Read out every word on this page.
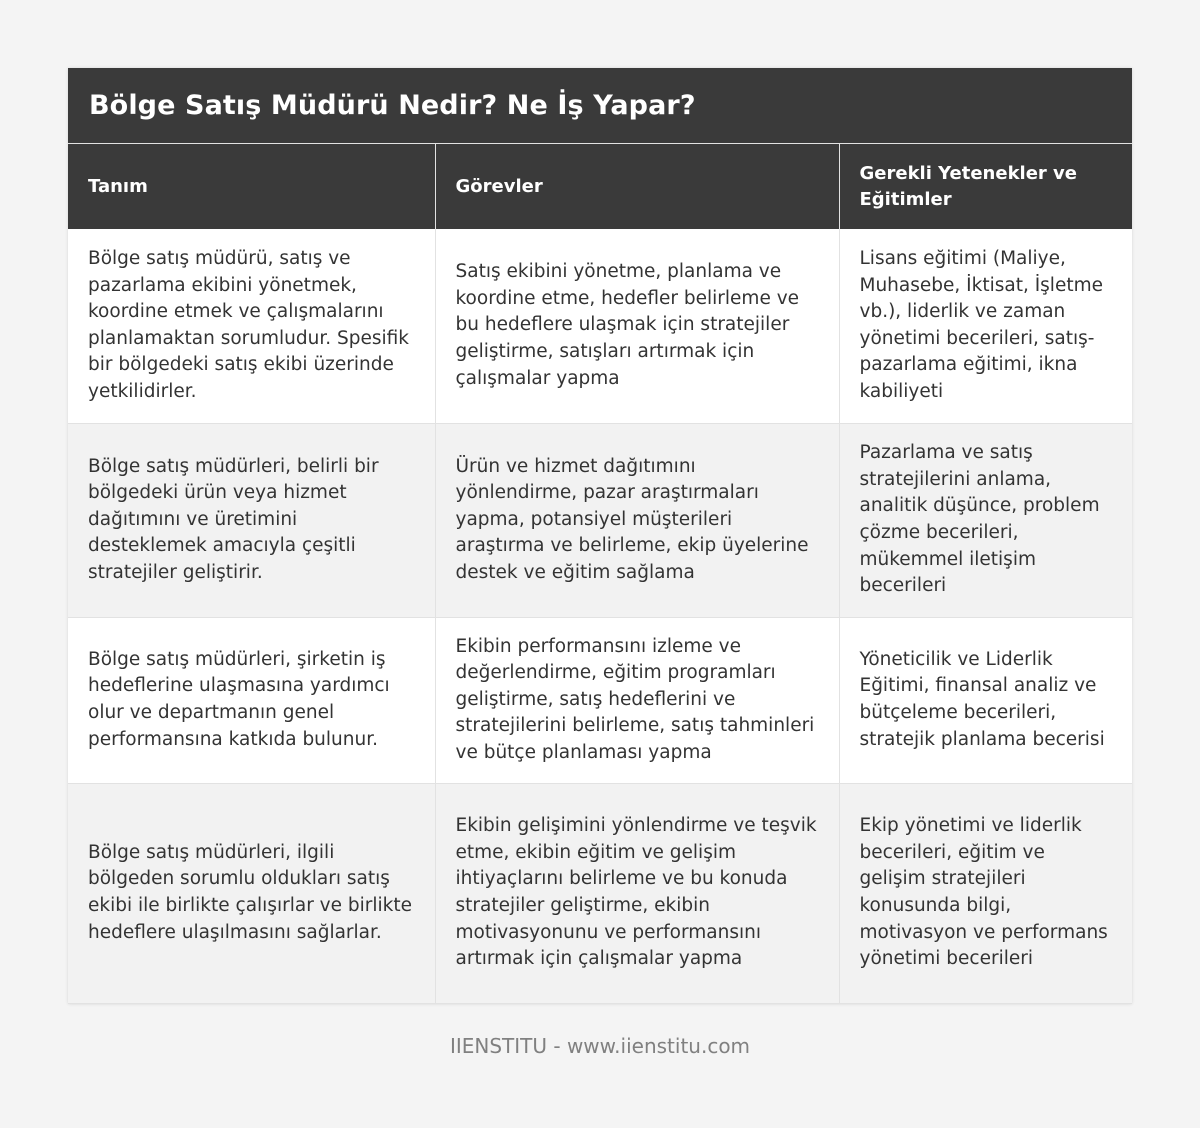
Bölge Satış Müdürü Nedir? Ne İş Yapar?
Tanım	Görevler	Gerekli Yetenekler ve Eğitimler
Bölge satış müdürü, satış ve pazarlama ekibini yönetmek, koordine etmek ve çalışmalarını planlamaktan sorumludur. Spesifik bir bölgedeki satış ekibi üzerinde yetkilidirler.	Satış ekibini yönetme, planlama ve koordine etme, hedefler belirleme ve bu hedeflere ulaşmak için stratejiler geliştirme, satışları artırmak için çalışmalar yapma	Lisans eğitimi (Maliye, Muhasebe, İktisat, İşletme vb.), liderlik ve zaman yönetimi becerileri, satış-pazarlama eğitimi, ikna kabiliyeti
Bölge satış müdürleri, belirli bir bölgedeki ürün veya hizmet dağıtımını ve üretimini desteklemek amacıyla çeşitli stratejiler geliştirir.	Ürün ve hizmet dağıtımını yönlendirme, pazar araştırmaları yapma, potansiyel müşterileri araştırma ve belirleme, ekip üyelerine destek ve eğitim sağlama	Pazarlama ve satış stratejilerini anlama, analitik düşünce, problem çözme becerileri, mükemmel iletişim becerileri
Bölge satış müdürleri, şirketin iş hedeflerine ulaşmasına yardımcı olur ve departmanın genel performansına katkıda bulunur.	Ekibin performansını izleme ve değerlendirme, eğitim programları geliştirme, satış hedeflerini ve stratejilerini belirleme, satış tahminleri ve bütçe planlaması yapma	Yöneticilik ve Liderlik Eğitimi, finansal analiz ve bütçeleme becerileri, stratejik planlama becerisi
Bölge satış müdürleri, ilgili bölgeden sorumlu oldukları satış ekibi ile birlikte çalışırlar ve birlikte hedeflere ulaşılmasını sağlarlar.	Ekibin gelişimini yönlendirme ve teşvik etme, ekibin eğitim ve gelişim ihtiyaçlarını belirleme ve bu konuda stratejiler geliştirme, ekibin motivasyonunu ve performansını artırmak için çalışmalar yapma	Ekip yönetimi ve liderlik becerileri, eğitim ve gelişim stratejileri konusunda bilgi, motivasyon ve performans yönetimi becerileri
IIENSTITU - www.iienstitu.com
